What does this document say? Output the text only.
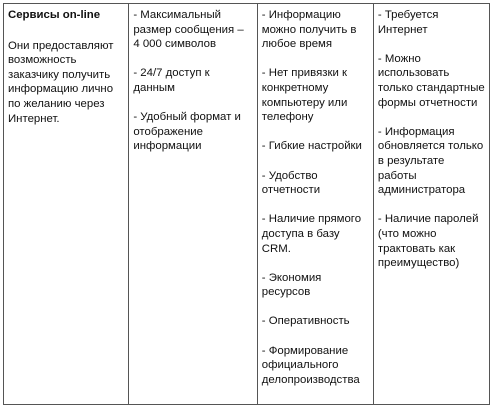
Сервисы on-line
Они предоставляют возможность заказчику получить информацию лично по желанию через Интернет.

- Максимальный размер сообщения – 4 000 символов
- 24/7 доступ к данным
- Удобный формат и отображение информации

- Информацию можно получить в любое время
- Нет привязки к конкретному компьютеру или телефону
- Гибкие настройки
- Удобство отчетности
- Наличие прямого доступа в базу CRM.
- Экономия ресурсов
- Оперативность
- Формирование официального делопроизводства

- Требуется Интернет
- Можно использовать только стандартные формы отчетности
- Информация обновляется только в результате работы администратора
- Наличие паролей (что можно трактовать как преимущество)
